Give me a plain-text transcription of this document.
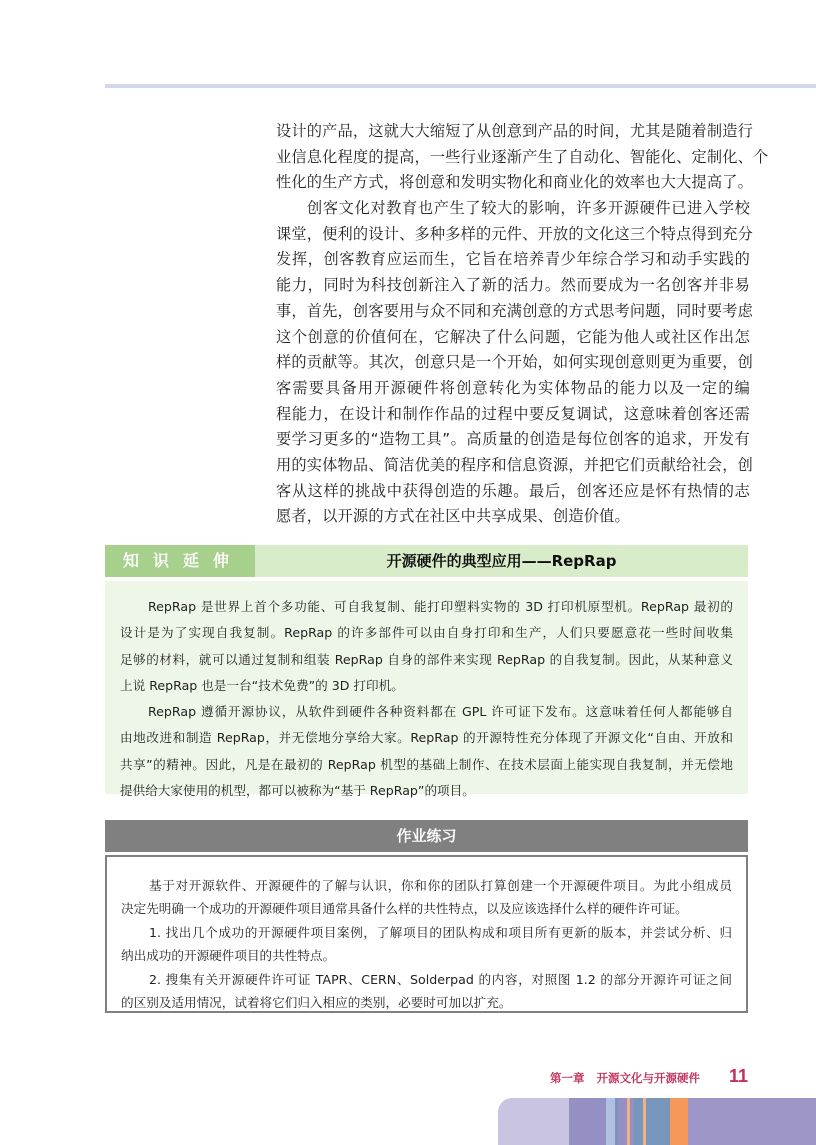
设计的产品，这就大大缩短了从创意到产品的时间，尤其是随着制造行
业信息化程度的提高，一些行业逐渐产生了自动化、智能化、定制化、个
性化的生产方式，将创意和发明实物化和商业化的效率也大大提高了。
创客文化对教育也产生了较大的影响，许多开源硬件已进入学校
课堂，便利的设计、多种多样的元件、开放的文化这三个特点得到充分
发挥，创客教育应运而生，它旨在培养青少年综合学习和动手实践的
能力，同时为科技创新注入了新的活力。然而要成为一名创客并非易
事，首先，创客要用与众不同和充满创意的方式思考问题，同时要考虑
这个创意的价值何在，它解决了什么问题，它能为他人或社区作出怎
样的贡献等。其次，创意只是一个开始，如何实现创意则更为重要，创
客需要具备用开源硬件将创意转化为实体物品的能力以及一定的编
程能力，在设计和制作作品的过程中要反复调试，这意味着创客还需
要学习更多的“造物工具”。高质量的创造是每位创客的追求，开发有
用的实体物品、简洁优美的程序和信息资源，并把它们贡献给社会，创
客从这样的挑战中获得创造的乐趣。最后，创客还应是怀有热情的志
愿者，以开源的方式在社区中共享成果、创造价值。
知识延伸	开源硬件的典型应用——RepRap
RepRap 是世界上首个多功能、可自我复制、能打印塑料实物的 3D 打印机原型机。RepRap 最初的
设计是为了实现自我复制。RepRap 的许多部件可以由自身打印和生产，人们只要愿意花一些时间收集
足够的材料，就可以通过复制和组装 RepRap 自身的部件来实现 RepRap 的自我复制。因此，从某种意义
上说 RepRap 也是一台“技术免费”的 3D 打印机。
RepRap 遵循开源协议，从软件到硬件各种资料都在 GPL 许可证下发布。这意味着任何人都能够自
由地改进和制造 RepRap，并无偿地分享给大家。RepRap 的开源特性充分体现了开源文化“自由、开放和
共享”的精神。因此，凡是在最初的 RepRap 机型的基础上制作、在技术层面上能实现自我复制，并无偿地
提供给大家使用的机型，都可以被称为“基于 RepRap”的项目。
作业练习
基于对开源软件、开源硬件的了解与认识，你和你的团队打算创建一个开源硬件项目。为此小组成员
决定先明确一个成功的开源硬件项目通常具备什么样的共性特点，以及应该选择什么样的硬件许可证。
1. 找出几个成功的开源硬件项目案例，了解项目的团队构成和项目所有更新的版本，并尝试分析、归
纳出成功的开源硬件项目的共性特点。
2. 搜集有关开源硬件许可证 TAPR、CERN、Solderpad 的内容，对照图 1.2 的部分开源许可证之间
的区别及适用情况，试着将它们归入相应的类别，必要时可加以扩充。
第一章   开源文化与开源硬件 11
